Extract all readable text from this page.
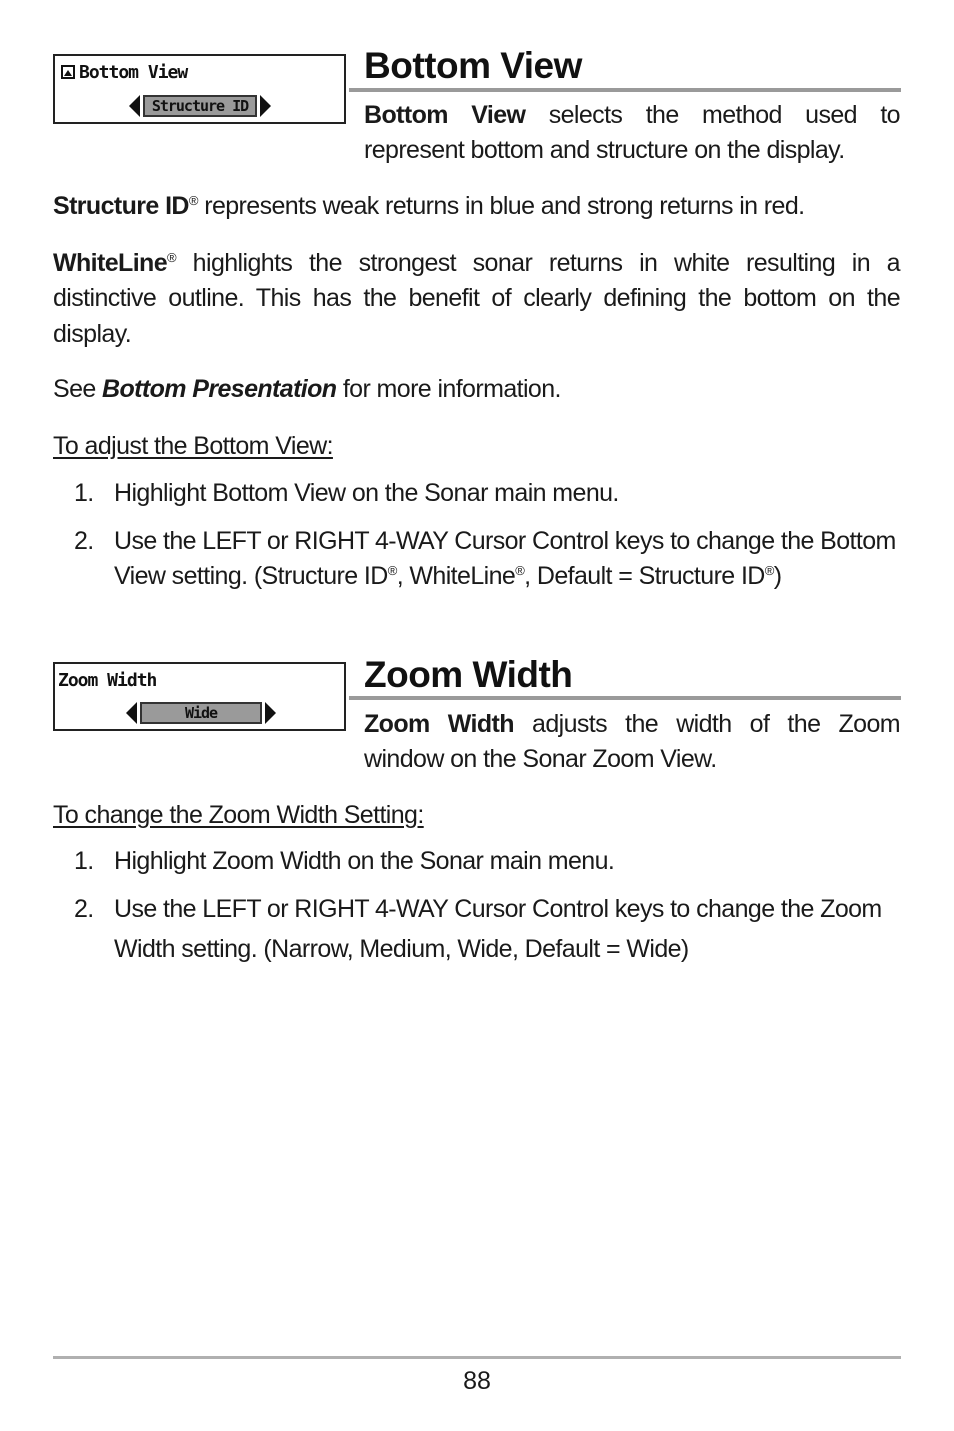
Bottom View
Structure ID
Bottom View
Bottom View selects the method used to
represent bottom and structure on the display.
Structure ID® represents weak returns in blue and strong returns in red.
WhiteLine® highlights the strongest sonar returns in white resulting in a
distinctive outline. This has the benefit of clearly defining the bottom on the
display.
See Bottom Presentation for more information.
To adjust the Bottom View:
1. Highlight Bottom View on the Sonar main menu.
2. Use the LEFT or RIGHT 4-WAY Cursor Control keys to change the Bottom
View setting. (Structure ID®, WhiteLine®, Default = Structure ID®)
Zoom Width
Wide
Zoom Width
Zoom Width adjusts the width of the Zoom
window on the Sonar Zoom View.
To change the Zoom Width Setting:
1. Highlight Zoom Width on the Sonar main menu.
2. Use the LEFT or RIGHT 4-WAY Cursor Control keys to change the Zoom
Width setting. (Narrow, Medium, Wide, Default = Wide)
88
